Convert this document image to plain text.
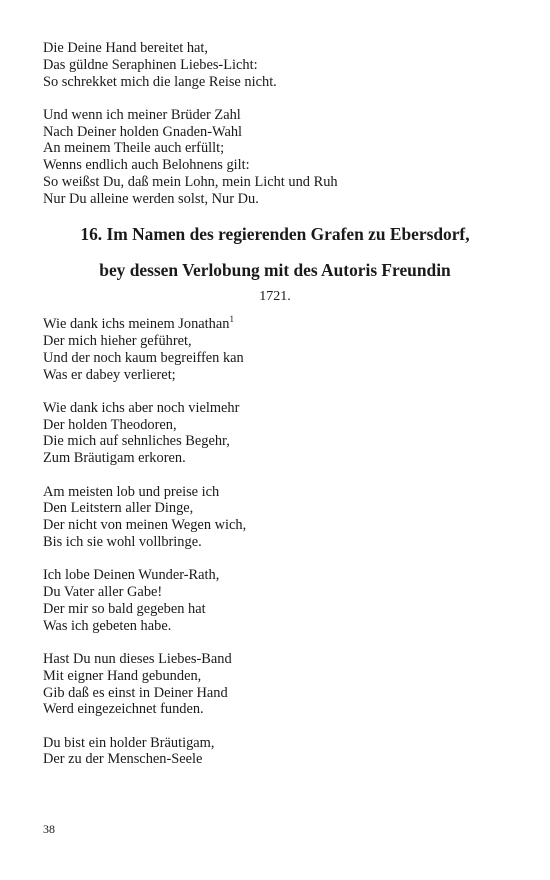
Die Deine Hand bereitet hat,
Das güldne Seraphinen Liebes-Licht:
So schrekket mich die lange Reise nicht.
Und wenn ich meiner Brüder Zahl
Nach Deiner holden Gnaden-Wahl
An meinem Theile auch erfüllt;
Wenns endlich auch Belohnens gilt:
So weißst Du, daß mein Lohn, mein Licht und Ruh
Nur Du alleine werden solst, Nur Du.
16. Im Namen des regierenden Grafen zu Ebersdorf,
bey dessen Verlobung mit des Autoris Freundin
1721.
Wie dank ichs meinem Jonathan$^1$
Der mich hieher geführet,
Und der noch kaum begreiffen kan
Was er dabey verlieret;
Wie dank ichs aber noch vielmehr
Der holden Theodoren,
Die mich auf sehnliches Begehr,
Zum Bräutigam erkoren.
Am meisten lob und preise ich
Den Leitstern aller Dinge,
Der nicht von meinen Wegen wich,
Bis ich sie wohl vollbringe.
Ich lobe Deinen Wunder-Rath,
Du Vater aller Gabe!
Der mir so bald gegeben hat
Was ich gebeten habe.
Hast Du nun dieses Liebes-Band
Mit eigner Hand gebunden,
Gib daß es einst in Deiner Hand
Werd eingezeichnet funden.
Du bist ein holder Bräutigam,
Der zu der Menschen-Seele
38
